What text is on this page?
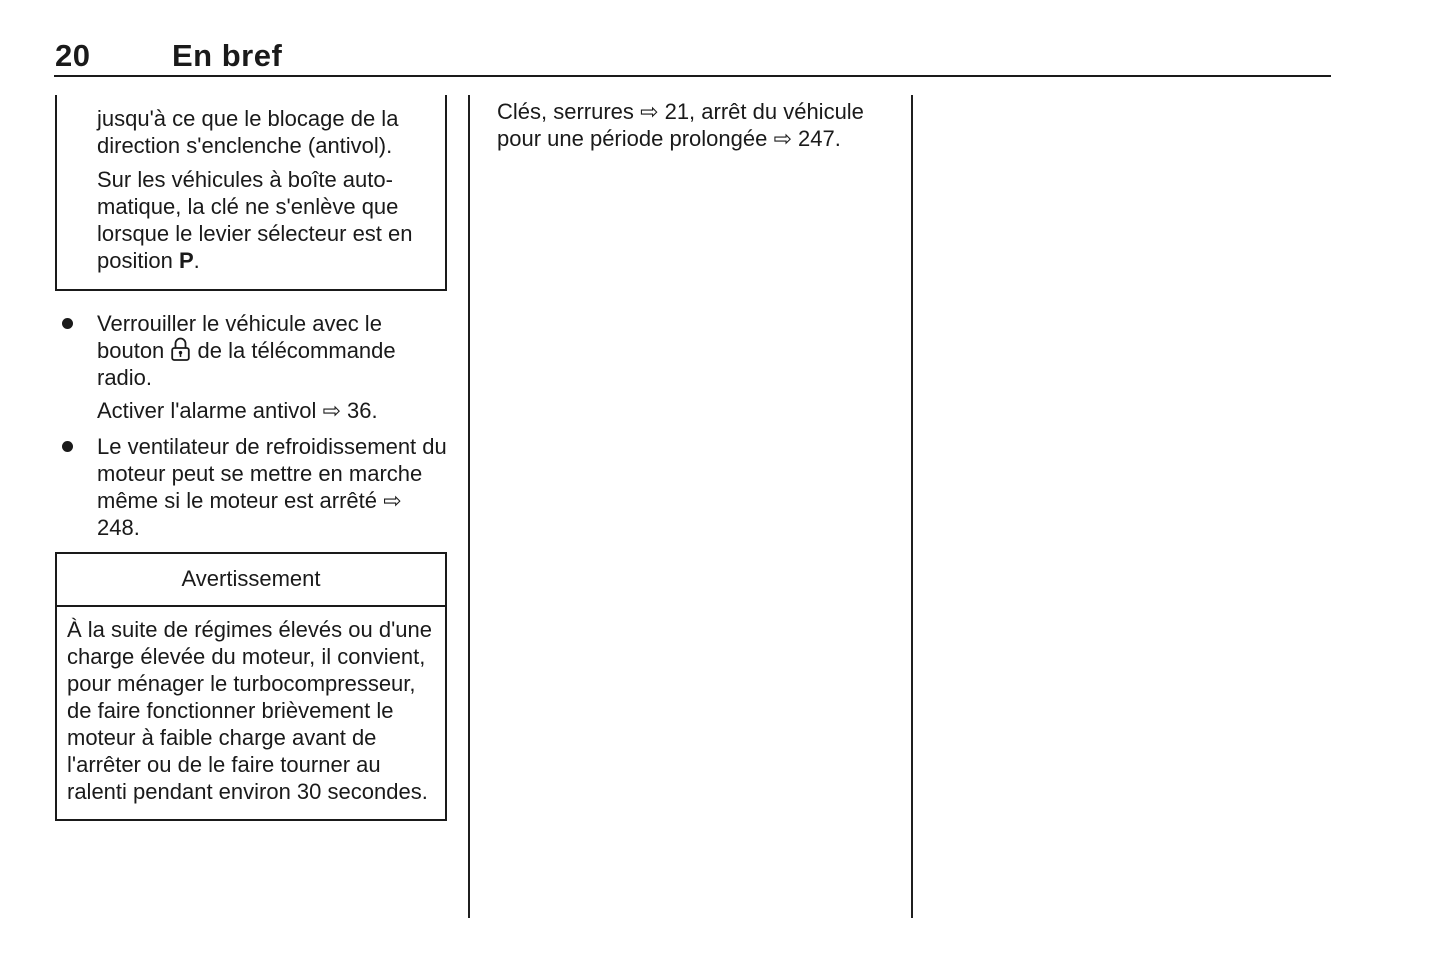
20	En bref

jusqu'à ce que le blocage de la direction s'enclenche (antivol).

Sur les véhicules à boîte automatique, la clé ne s'enlève que lorsque le levier sélecteur est en position P.

Verrouiller le véhicule avec le bouton
de la télécommande radio.

Activer l'alarme antivol ⇨ 36.

Le ventilateur de refroidissement du moteur peut se mettre en marche même si le moteur est arrêté ⇨ 248.

Avertissement

À la suite de régimes élevés ou d'une charge élevée du moteur, il convient, pour ménager le turbocompresseur, de faire fonctionner brièvement le moteur à faible charge avant de l'arrêter ou de le faire tourner au ralenti pendant environ 30 secondes.

Clés, serrures ⇨ 21, arrêt du véhicule pour une période prolongée ⇨ 247.
